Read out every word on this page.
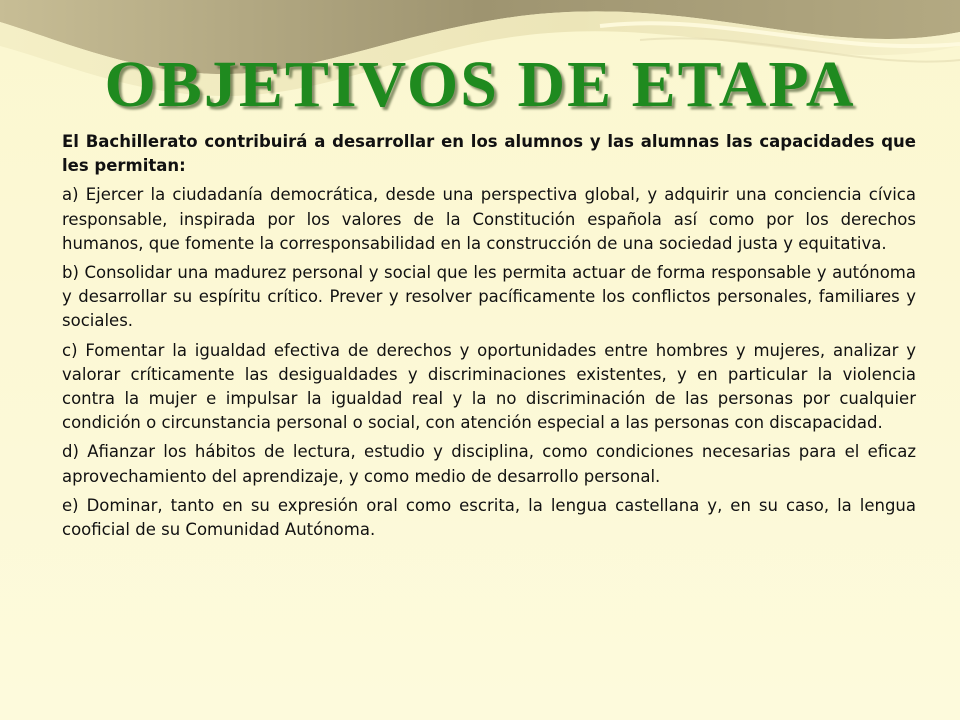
OBJETIVOS DE ETAPA

El Bachillerato contribuirá a desarrollar en los alumnos y las alumnas las capacidades que les permitan:

a) Ejercer la ciudadanía democrática, desde una perspectiva global, y adquirir una conciencia cívica responsable, inspirada por los valores de la Constitución española así como por los derechos humanos, que fomente la corresponsabilidad en la construcción de una sociedad justa y equitativa.

b) Consolidar una madurez personal y social que les permita actuar de forma responsable y autónoma y desarrollar su espíritu crítico. Prever y resolver pacíficamente los conflictos personales, familiares y sociales.

c) Fomentar la igualdad efectiva de derechos y oportunidades entre hombres y mujeres, analizar y valorar críticamente las desigualdades y discriminaciones existentes, y en particular la violencia contra la mujer e impulsar la igualdad real y la no discriminación de las personas por cualquier condición o circunstancia personal o social, con atención especial a las personas con discapacidad.

d) Afianzar los hábitos de lectura, estudio y disciplina, como condiciones necesarias para el eficaz aprovechamiento del aprendizaje, y como medio de desarrollo personal.

e) Dominar, tanto en su expresión oral como escrita, la lengua castellana y, en su caso, la lengua cooficial de su Comunidad Autónoma.
